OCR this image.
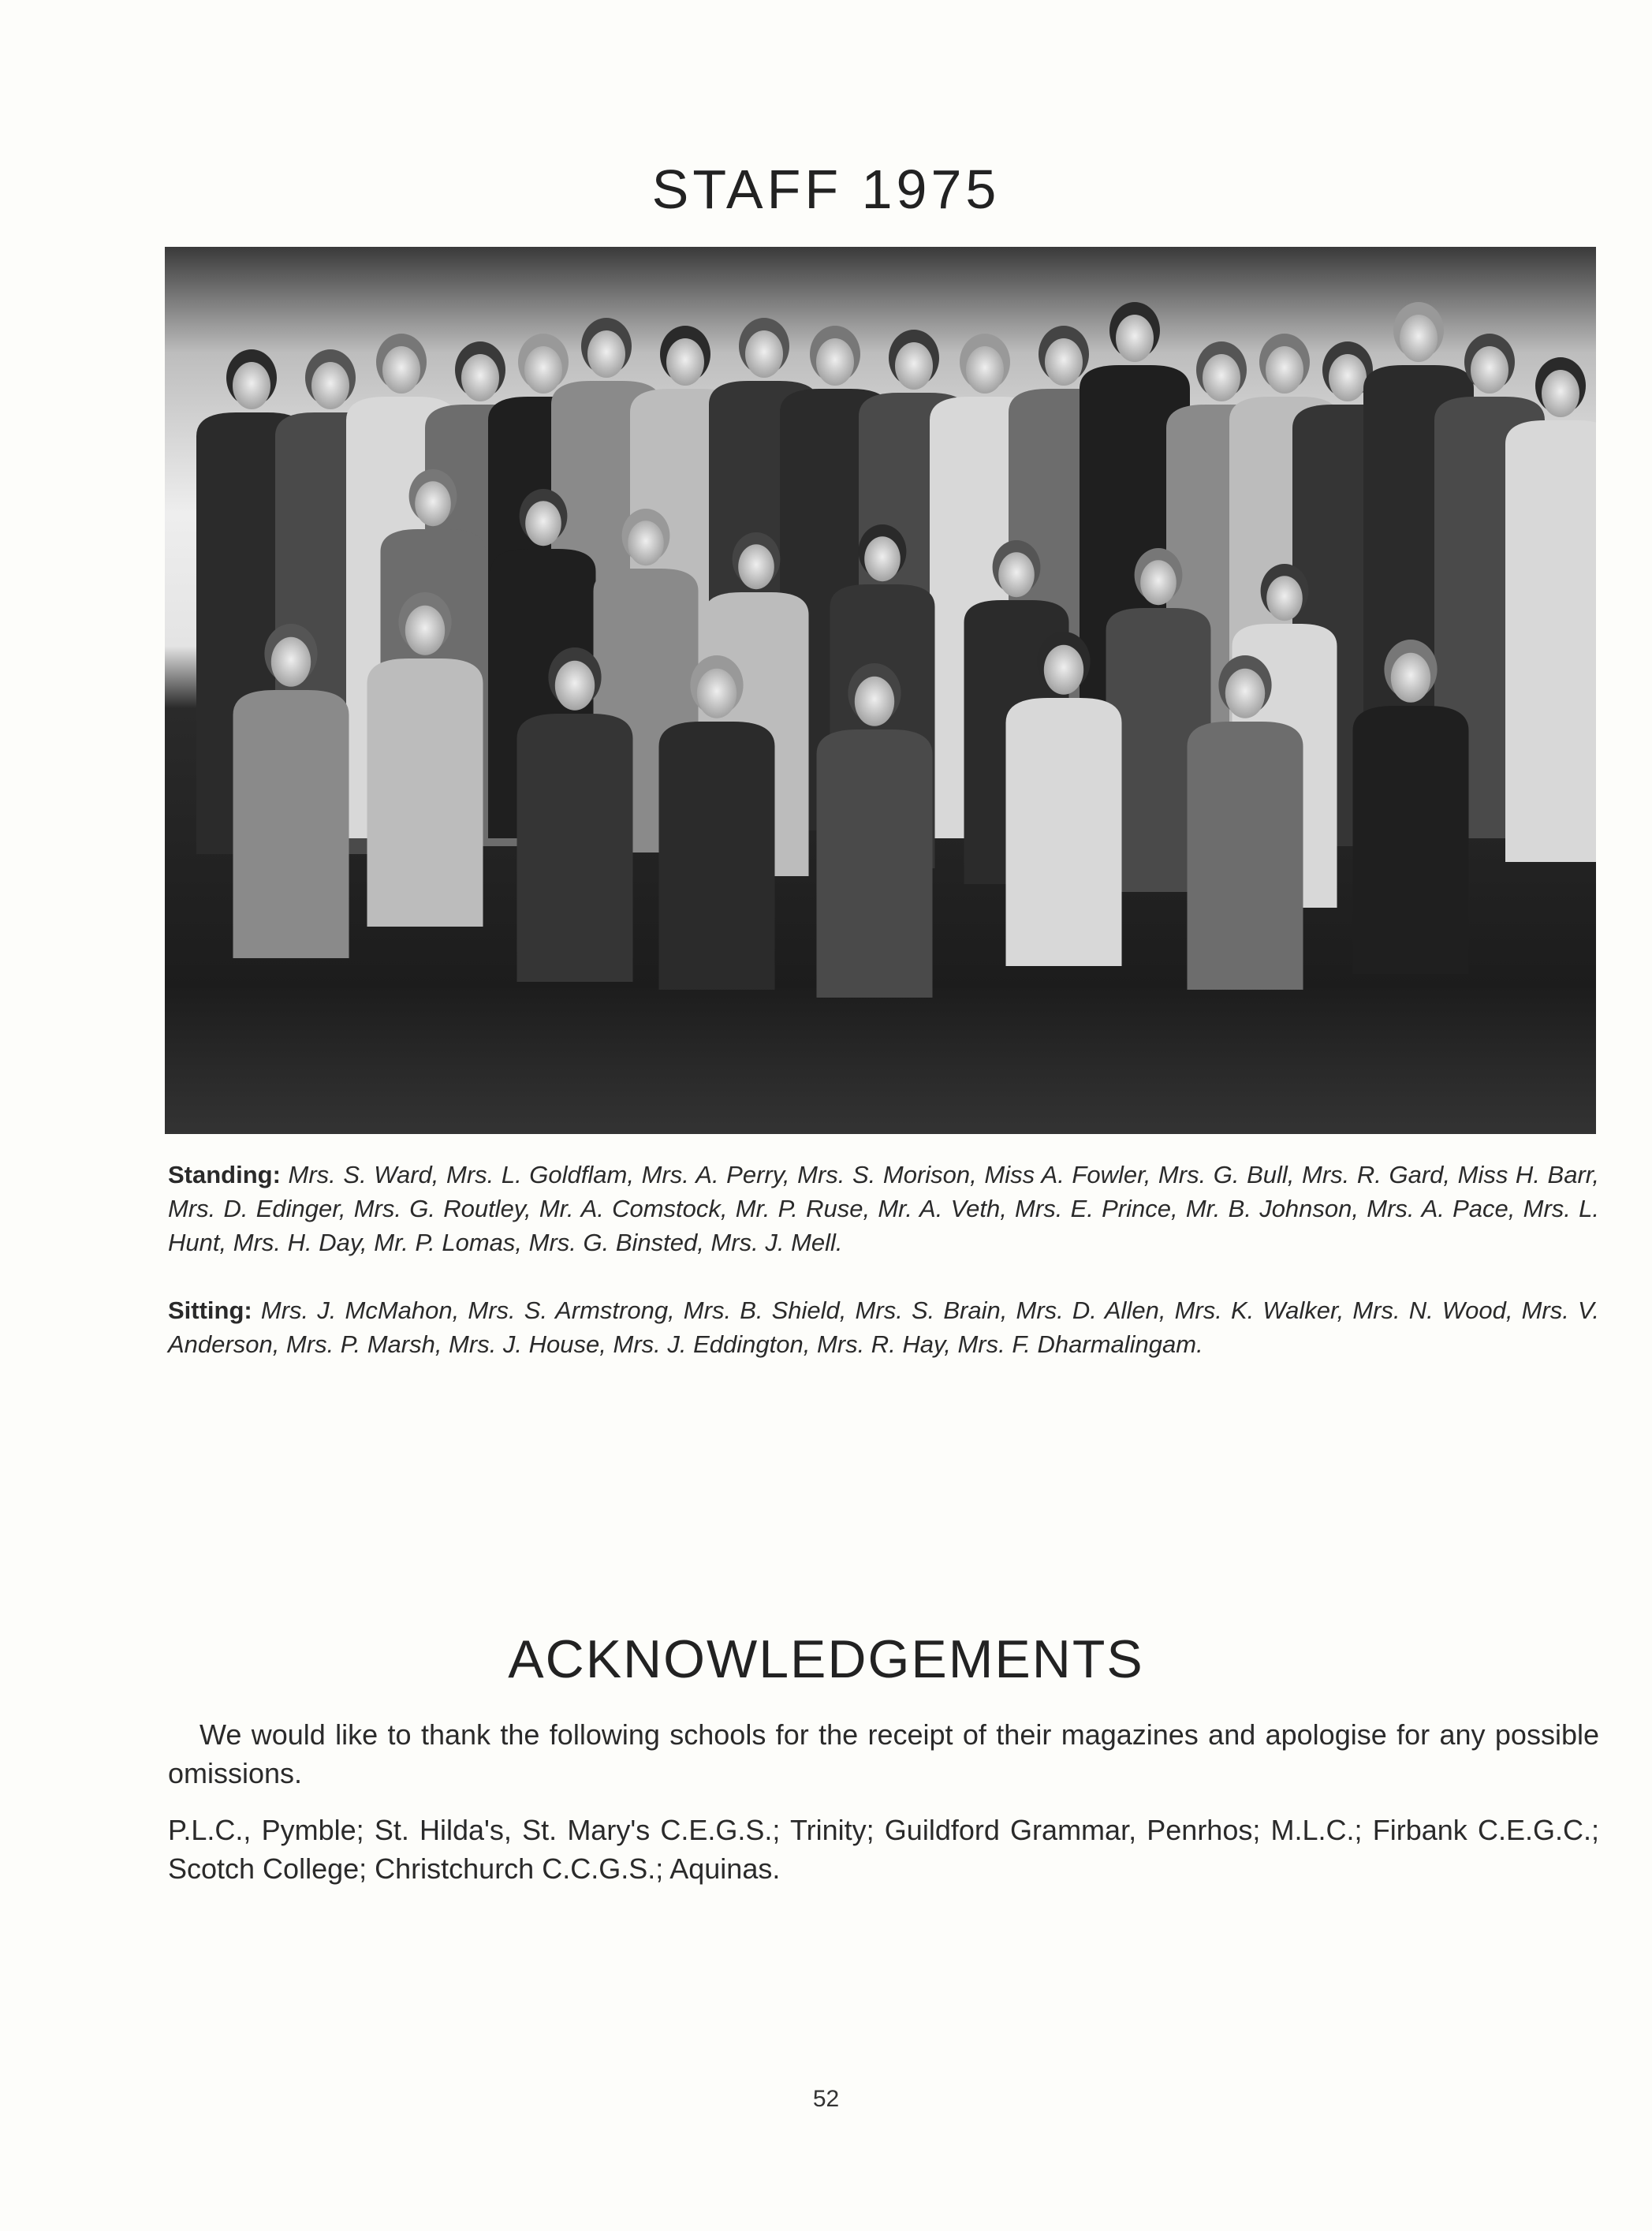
STAFF 1975
Standing: Mrs. S. Ward, Mrs. L. Goldflam, Mrs. A. Perry, Mrs. S. Morison, Miss A. Fowler, Mrs. G. Bull, Mrs. R. Gard, Miss H. Barr, Mrs. D. Edinger, Mrs. G. Routley, Mr. A. Comstock, Mr. P. Ruse, Mr. A. Veth, Mrs. E. Prince, Mr. B. Johnson, Mrs. A. Pace, Mrs. L. Hunt, Mrs. H. Day, Mr. P. Lomas, Mrs. G. Binsted, Mrs. J. Mell.
Sitting: Mrs. J. McMahon, Mrs. S. Armstrong, Mrs. B. Shield, Mrs. S. Brain, Mrs. D. Allen, Mrs. K. Walker, Mrs. N. Wood, Mrs. V. Anderson, Mrs. P. Marsh, Mrs. J. House, Mrs. J. Eddington, Mrs. R. Hay, Mrs. F. Dharmalingam.
ACKNOWLEDGEMENTS
We would like to thank the following schools for the receipt of their magazines and apologise for any possible omissions.
P.L.C., Pymble; St. Hilda's, St. Mary's C.E.G.S.; Trinity; Guildford Grammar, Penrhos; M.L.C.; Firbank C.E.G.C.; Scotch College; Christchurch C.C.G.S.; Aquinas.
52
